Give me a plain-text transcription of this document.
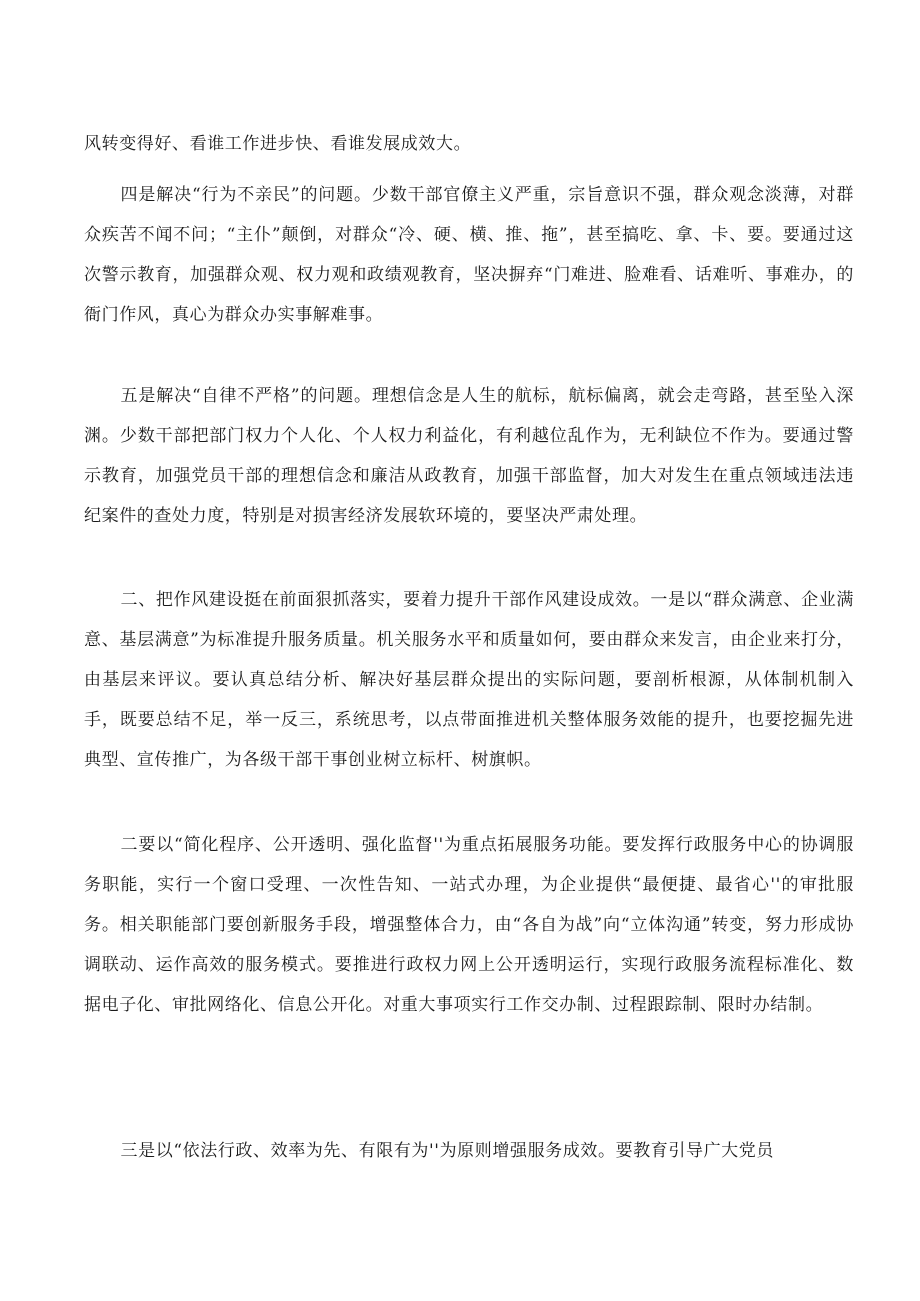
风转变得好、看谁工作进步快、看谁发展成效大。

四是解决“行为不亲民”的问题。少数干部官僚主义严重，宗旨意识不强，群众观念淡薄，对群众疾苦不闻不问；“主仆”颠倒，对群众“冷、硬、横、推、拖”，甚至搞吃、拿、卡、要。要通过这次警示教育，加强群众观、权力观和政绩观教育，坚决摒弃“门难进、脸难看、话难听、事难办，的衙门作风，真心为群众办实事解难事。

五是解决“自律不严格”的问题。理想信念是人生的航标，航标偏离，就会走弯路，甚至坠入深渊。少数干部把部门权力个人化、个人权力利益化，有利越位乱作为，无利缺位不作为。要通过警示教育，加强党员干部的理想信念和廉洁从政教育，加强干部监督，加大对发生在重点领域违法违纪案件的查处力度，特别是对损害经济发展软环境的，要坚决严肃处理。

二、把作风建设挺在前面狠抓落实，要着力提升干部作风建设成效。一是以“群众满意、企业满意、基层满意”为标准提升服务质量。机关服务水平和质量如何，要由群众来发言，由企业来打分，由基层来评议。要认真总结分析、解决好基层群众提出的实际问题，要剖析根源，从体制机制入手，既要总结不足，举一反三，系统思考，以点带面推进机关整体服务效能的提升，也要挖掘先进典型、宣传推广，为各级干部干事创业树立标杆、树旗帜。

二要以“简化程序、公开透明、强化监督''为重点拓展服务功能。要发挥行政服务中心的协调服务职能，实行一个窗口受理、一次性告知、一站式办理，为企业提供“最便捷、最省心''的审批服务。相关职能部门要创新服务手段，增强整体合力，由“各自为战”向“立体沟通”转变，努力形成协调联动、运作高效的服务模式。要推进行政权力网上公开透明运行，实现行政服务流程标准化、数据电子化、审批网络化、信息公开化。对重大事项实行工作交办制、过程跟踪制、限时办结制。

三是以“依法行政、效率为先、有限有为''为原则增强服务成效。要教育引导广大党员
